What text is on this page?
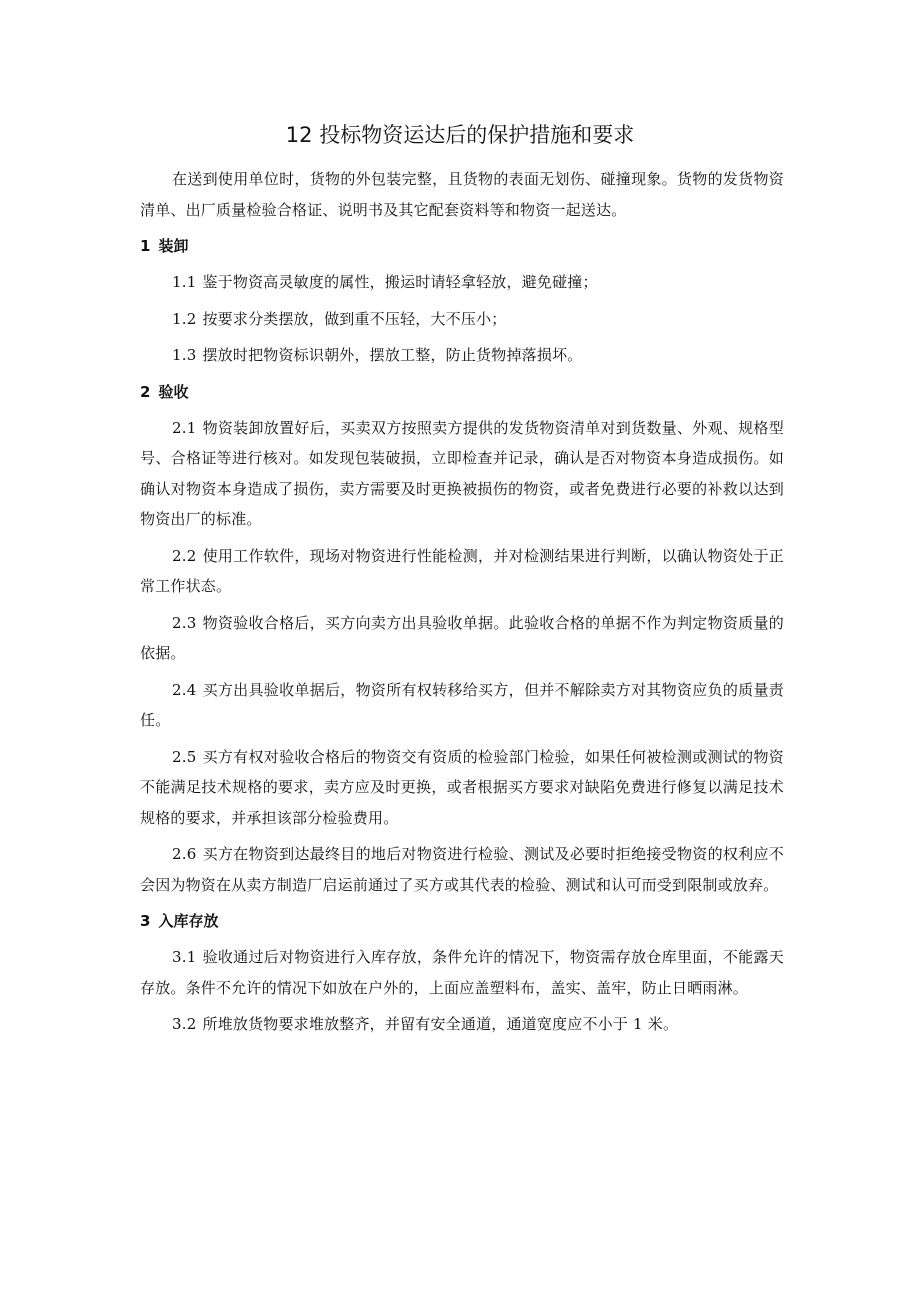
12 投标物资运达后的保护措施和要求

在送到使用单位时，货物的外包装完整，且货物的表面无划伤、碰撞现象。货物的发货物资清单、出厂质量检验合格证、说明书及其它配套资料等和物资一起送达。

1 装卸

1.1 鉴于物资高灵敏度的属性，搬运时请轻拿轻放，避免碰撞；

1.2 按要求分类摆放，做到重不压轻，大不压小；

1.3 摆放时把物资标识朝外，摆放工整，防止货物掉落损坏。

2 验收

2.1 物资装卸放置好后，买卖双方按照卖方提供的发货物资清单对到货数量、外观、规格型号、合格证等进行核对。如发现包装破损，立即检查并记录，确认是否对物资本身造成损伤。如确认对物资本身造成了损伤，卖方需要及时更换被损伤的物资，或者免费进行必要的补救以达到物资出厂的标准。

2.2 使用工作软件，现场对物资进行性能检测，并对检测结果进行判断，以确认物资处于正常工作状态。

2.3 物资验收合格后，买方向卖方出具验收单据。此验收合格的单据不作为判定物资质量的依据。

2.4 买方出具验收单据后，物资所有权转移给买方，但并不解除卖方对其物资应负的质量责任。

2.5 买方有权对验收合格后的物资交有资质的检验部门检验，如果任何被检测或测试的物资不能满足技术规格的要求，卖方应及时更换，或者根据买方要求对缺陷免费进行修复以满足技术规格的要求，并承担该部分检验费用。

2.6 买方在物资到达最终目的地后对物资进行检验、测试及必要时拒绝接受物资的权利应不会因为物资在从卖方制造厂启运前通过了买方或其代表的检验、测试和认可而受到限制或放弃。

3 入库存放

3.1 验收通过后对物资进行入库存放，条件允许的情况下，物资需存放仓库里面，不能露天存放。条件不允许的情况下如放在户外的，上面应盖塑料布，盖实、盖牢，防止日晒雨淋。

3.2 所堆放货物要求堆放整齐，并留有安全通道，通道宽度应不小于 1 米。
